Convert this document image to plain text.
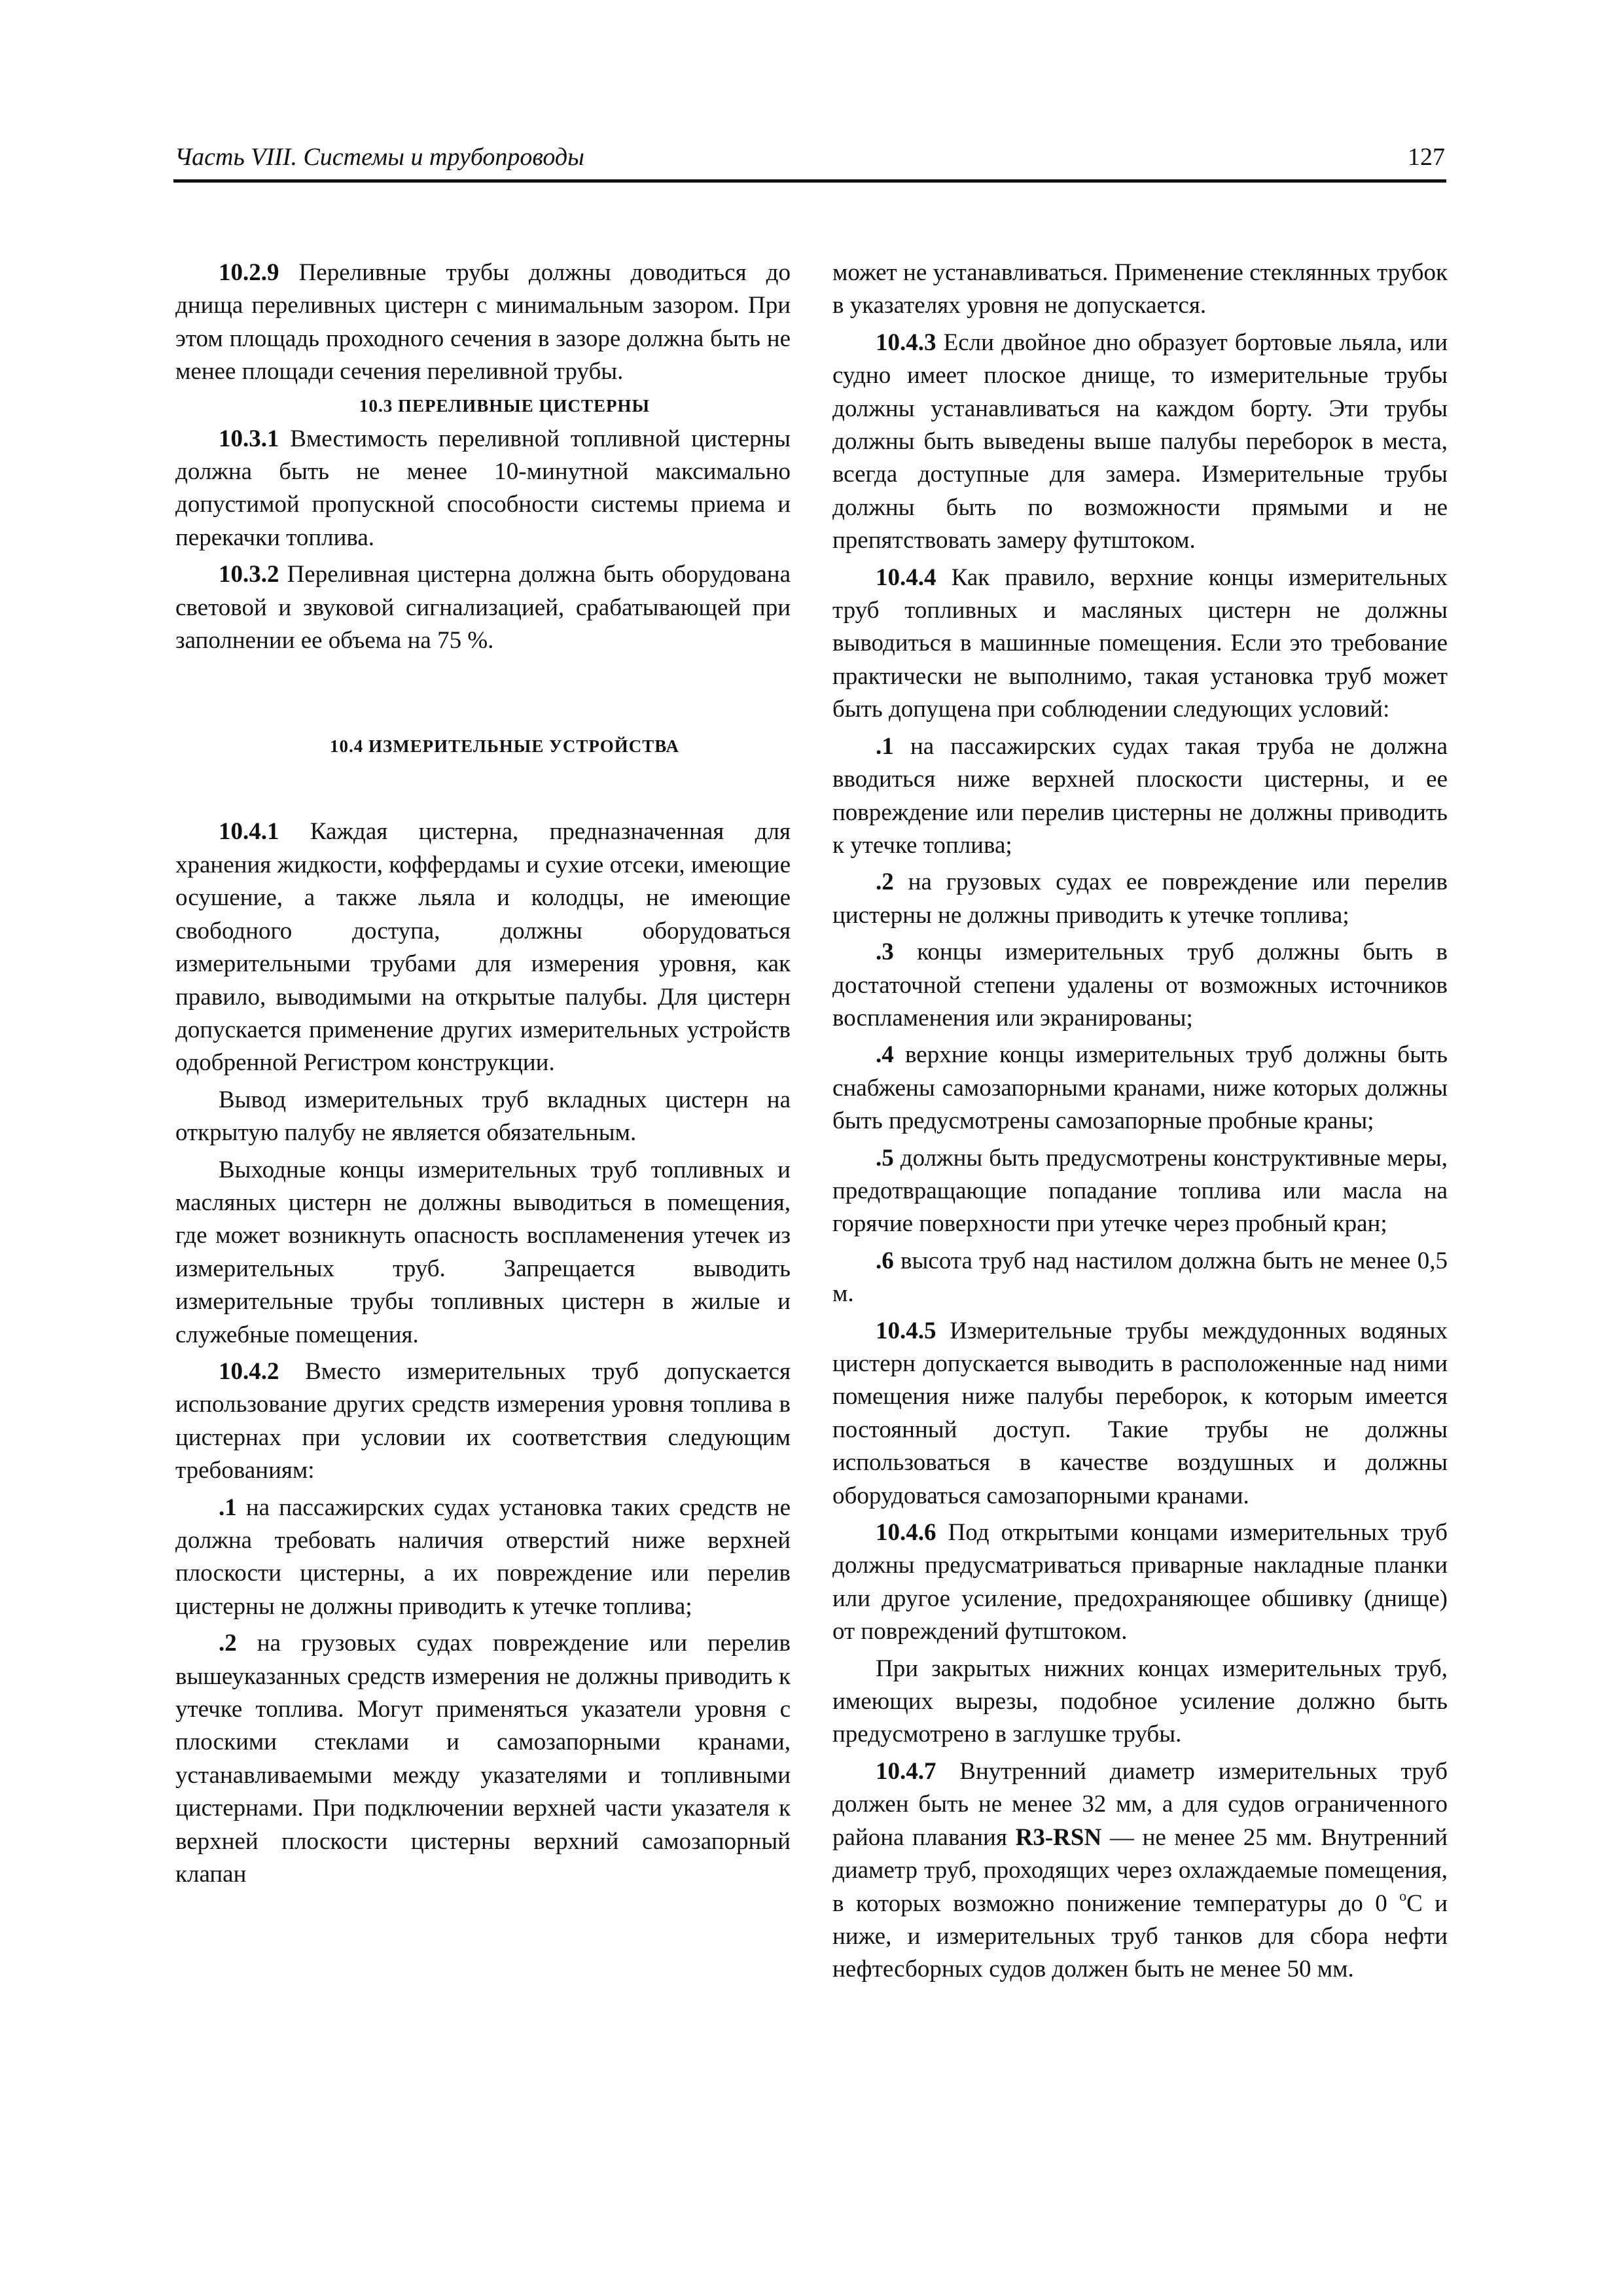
Часть VIII. Системы и трубопроводы	127

10.2.9 Переливные трубы должны доводиться до днища переливных цистерн с минимальным зазором. При этом площадь проходного сечения в зазоре должна быть не менее площади сечения переливной трубы.

10.3 ПЕРЕЛИВНЫЕ ЦИСТЕРНЫ

10.3.1 Вместимость переливной топливной цистерны должна быть не менее 10-минутной максимально допустимой пропускной способности системы приема и перекачки топлива.

10.3.2 Переливная цистерна должна быть оборудована световой и звуковой сигнализацией, срабатывающей при заполнении ее объема на 75 %.

10.4 ИЗМЕРИТЕЛЬНЫЕ УСТРОЙСТВА

10.4.1 Каждая цистерна, предназначенная для хранения жидкости, коффердамы и сухие отсеки, имеющие осушение, а также льяла и колодцы, не имеющие свободного доступа, должны оборудоваться измерительными трубами для измерения уровня, как правило, выводимыми на открытые палубы. Для цистерн допускается применение других измерительных устройств одобренной Регистром конструкции.

Вывод измерительных труб вкладных цистерн на открытую палубу не является обязательным.

Выходные концы измерительных труб топливных и масляных цистерн не должны выводиться в помещения, где может возникнуть опасность воспламенения утечек из измерительных труб. Запрещается выводить измерительные трубы топливных цистерн в жилые и служебные помещения.

10.4.2 Вместо измерительных труб допускается использование других средств измерения уровня топлива в цистернах при условии их соответствия следующим требованиям:

.1 на пассажирских судах установка таких средств не должна требовать наличия отверстий ниже верхней плоскости цистерны, а их повреждение или перелив цистерны не должны приводить к утечке топлива;

.2 на грузовых судах повреждение или перелив вышеуказанных средств измерения не должны приводить к утечке топлива. Могут применяться указатели уровня с плоскими стеклами и самозапорными кранами, устанавливаемыми между указателями и топливными цистернами. При подключении верхней части указателя к верхней плоскости цистерны верхний самозапорный клапан

может не устанавливаться. Применение стеклянных трубок в указателях уровня не допускается.

10.4.3 Если двойное дно образует бортовые льяла, или судно имеет плоское днище, то измерительные трубы должны устанавливаться на каждом борту. Эти трубы должны быть выведены выше палубы переборок в места, всегда доступные для замера. Измерительные трубы должны быть по возможности прямыми и не препятствовать замеру футштоком.

10.4.4 Как правило, верхние концы измерительных труб топливных и масляных цистерн не должны выводиться в машинные помещения. Если это требование практически не выполнимо, такая установка труб может быть допущена при соблюдении следующих условий:

.1 на пассажирских судах такая труба не должна вводиться ниже верхней плоскости цистерны, и ее повреждение или перелив цистерны не должны приводить к утечке топлива;

.2 на грузовых судах ее повреждение или перелив цистерны не должны приводить к утечке топлива;

.3 концы измерительных труб должны быть в достаточной степени удалены от возможных источников воспламенения или экранированы;

.4 верхние концы измерительных труб должны быть снабжены самозапорными кранами, ниже которых должны быть предусмотрены самозапорные пробные краны;

.5 должны быть предусмотрены конструктивные меры, предотвращающие попадание топлива или масла на горячие поверхности при утечке через пробный кран;

.6 высота труб над настилом должна быть не менее 0,5 м.

10.4.5 Измерительные трубы междудонных водяных цистерн допускается выводить в расположенные над ними помещения ниже палубы переборок, к которым имеется постоянный доступ. Такие трубы не должны использоваться в качестве воздушных и должны оборудоваться самозапорными кранами.

10.4.6 Под открытыми концами измерительных труб должны предусматриваться приварные накладные планки или другое усиление, предохраняющее обшивку (днище) от повреждений футштоком.

При закрытых нижних концах измерительных труб, имеющих вырезы, подобное усиление должно быть предусмотрено в заглушке трубы.

10.4.7 Внутренний диаметр измерительных труб должен быть не менее 32 мм, а для судов ограниченного района плавания R3-RSN — не менее 25 мм. Внутренний диаметр труб, проходящих через охлаждаемые помещения, в которых возможно понижение температуры до 0 $^о$С и ниже, и измерительных труб танков для сбора нефти нефтесборных судов должен быть не менее 50 мм.
